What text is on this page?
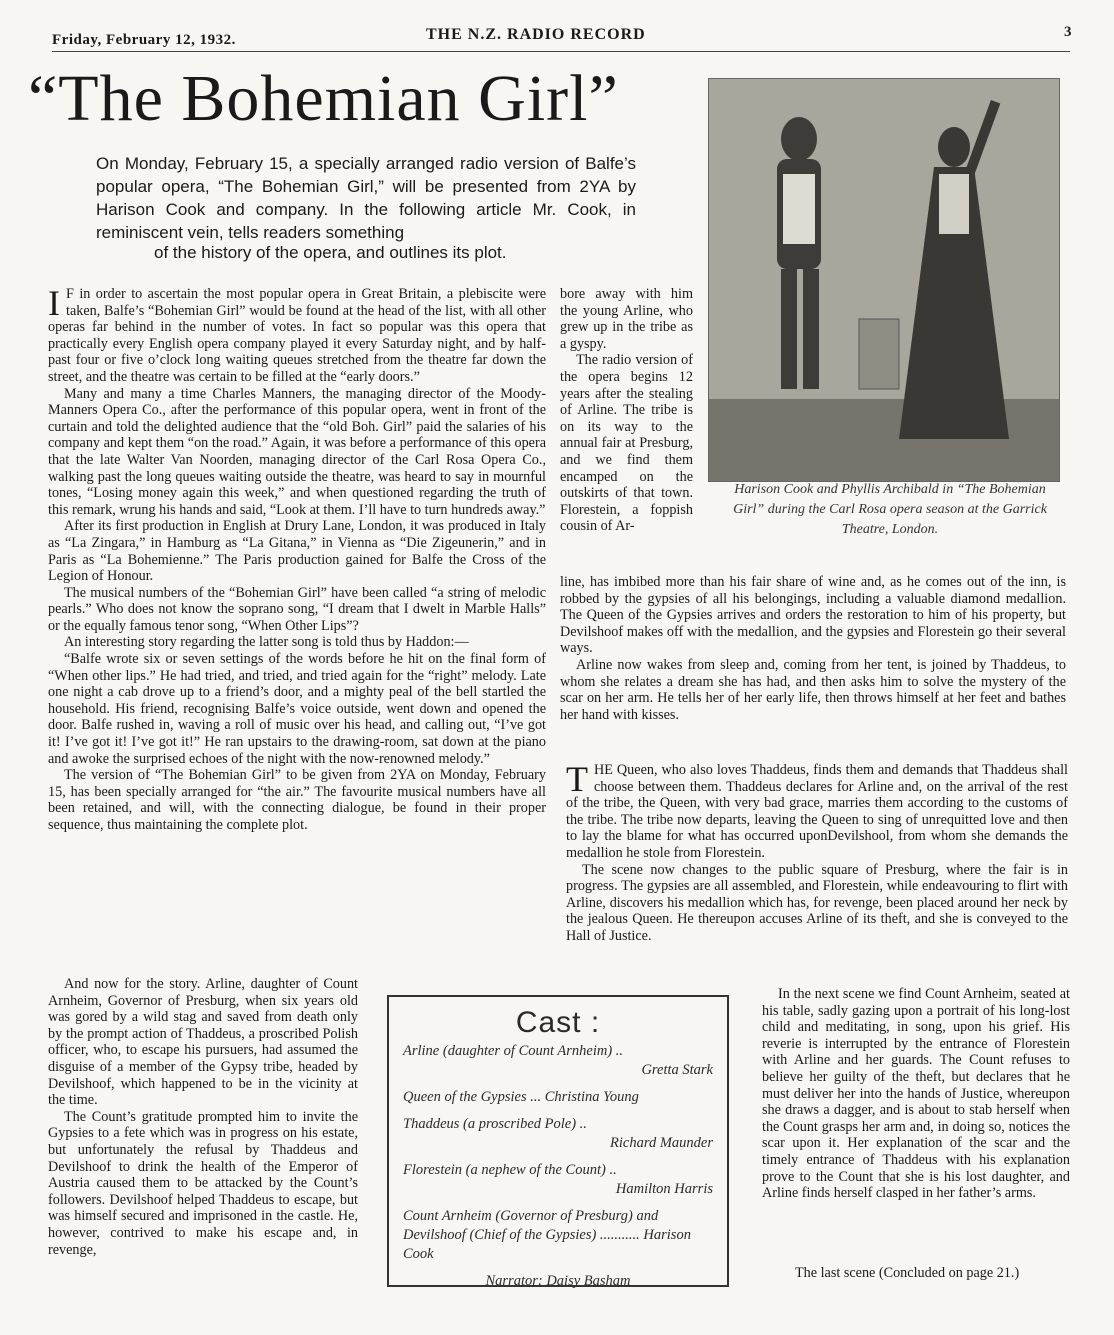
Friday, February 12, 1932.	THE N.Z. RADIO RECORD	3
“The Bohemian Girl”
On Monday, February 15, a specially arranged radio version of Balfe’s popular opera, “The Bohemian Girl,” will be presented from 2YA by Harison Cook and company. In the following article Mr. Cook, in reminiscent vein, tells readers something
of the history of the opera, and outlines its plot.
Harison Cook and Phyllis Archibald in “The Bohemian Girl” during the Carl Rosa opera season at the Garrick Theatre, London.

I F in order to ascertain the most popular opera in Great Britain, a plebiscite were taken, Balfe’s “Bohemian Girl” would be found at the head of the list, with all other operas far behind in the number of votes. In fact so popular was this opera that practically every English opera company played it every Saturday night, and by half-past four or five o’clock long waiting queues stretched from the theatre far down the street, and the theatre was certain to be filled at the “early doors.”

Many and many a time Charles Manners, the managing director of the Moody-Manners Opera Co., after the performance of this popular opera, went in front of the curtain and told the delighted audience that the “old Boh. Girl” paid the salaries of his company and kept them “on the road.” Again, it was before a performance of this opera that the late Walter Van Noorden, managing director of the Carl Rosa Opera Co., walking past the long queues waiting outside the theatre, was heard to say in mournful tones, “Losing money again this week,” and when questioned regarding the truth of this remark, wrung his hands and said, “Look at them. I’ll have to turn hundreds away.”

After its first production in English at Drury Lane, London, it was produced in Italy as “La Zingara,” in Hamburg as “La Gitana,” in Vienna as “Die Zigeunerin,” and in Paris as “La Bohemienne.” The Paris production gained for Balfe the Cross of the Legion of Honour.

The musical numbers of the “Bohemian Girl” have been called “a string of melodic pearls.” Who does not know the soprano song, “I dream that I dwelt in Marble Halls” or the equally famous tenor song, “When Other Lips”?

An interesting story regarding the latter song is told thus by Haddon:—

“Balfe wrote six or seven settings of the words before he hit on the final form of “When other lips.” He had tried, and tried, and tried again for the “right” melody. Late one night a cab drove up to a friend’s door, and a mighty peal of the bell startled the household. His friend, recognising Balfe’s voice outside, went down and opened the door. Balfe rushed in, waving a roll of music over his head, and calling out, “I’ve got it! I’ve got it! I’ve got it!” He ran upstairs to the drawing-room, sat down at the piano and awoke the surprised echoes of the night with the now-renowned melody.”

The version of “The Bohemian Girl” to be given from 2YA on Monday, February 15, has been specially arranged for “the air.” The favourite musical numbers have all been retained, and will, with the connecting dialogue, be found in their proper sequence, thus maintaining the complete plot.

bore away with him the young Arline, who grew up in the tribe as a gyspy.

The radio version of the opera begins 12 years after the stealing of Arline. The tribe is on its way to the annual fair at Presburg, and we find them encamped on the outskirts of that town. Florestein, a foppish cousin of Ar-

line, has imbibed more than his fair share of wine and, as he comes out of the inn, is robbed by the gypsies of all his belongings, including a valuable diamond medallion. The Queen of the Gypsies arrives and orders the restoration to him of his property, but Devilshoof makes off with the medallion, and the gypsies and Florestein go their several ways.

Arline now wakes from sleep and, coming from her tent, is joined by Thaddeus, to whom she relates a dream she has had, and then asks him to solve the mystery of the scar on her arm. He tells her of her early life, then throws himself at her feet and bathes her hand with kisses.

And now for the story. Arline, daughter of Count Arnheim, Governor of Presburg, when six years old was gored by a wild stag and saved from death only by the prompt action of Thaddeus, a proscribed Polish officer, who, to escape his pursuers, had assumed the disguise of a member of the Gypsy tribe, headed by Devilshoof, which happened to be in the vicinity at the time.

The Count’s gratitude prompted him to invite the Gypsies to a fete which was in progress on his estate, but unfortunately the refusal by Thaddeus and Devilshoof to drink the health of the Emperor of Austria caused them to be attacked by the Count’s followers. Devilshoof helped Thaddeus to escape, but was himself secured and imprisoned in the castle. He, however, contrived to make his escape and, in revenge,

THE Queen, who also loves Thaddeus, finds them and demands that Thaddeus shall choose between them. Thaddeus declares for Arline and, on the arrival of the rest of the tribe, the Queen, with very bad grace, marries them according to the customs of the tribe. The tribe now departs, leaving the Queen to sing of unrequitted love and then to lay the blame for what has occurred uponDevilshool, from whom she demands the medallion he stole from Florestein.

The scene now changes to the public square of Presburg, where the fair is in progress. The gypsies are all assembled, and Florestein, while endeavouring to flirt with Arline, discovers his medallion which has, for revenge, been placed around her neck by the jealous Queen. He thereupon accuses Arline of its theft, and she is conveyed to the Hall of Justice.

In the next scene we find Count Arnheim, seated at his table, sadly gazing upon a portrait of his long-lost child and meditating, in song, upon his grief. His reverie is interrupted by the entrance of Florestein with Arline and her guards. The Count refuses to believe her guilty of the theft, but declares that he must deliver her into the hands of Justice, whereupon she draws a dagger, and is about to stab herself when the Count grasps her arm and, in doing so, notices the scar upon it. Her explanation of the scar and the timely entrance of Thaddeus with his explanation prove to the Count that she is his lost daughter, and Arline finds herself clasped in her father’s arms.

The last scene (Concluded on page 21.)
Cast :
Arline (daughter of Count Arnheim) ..
Gretta Stark
Queen of the Gypsies ... Christina Young
Thaddeus (a proscribed Pole) ..
Richard Maunder
Florestein (a nephew of the Count) ..
Hamilton Harris
Count Arnheim (Governor of Presburg) and Devilshoof (Chief of the Gypsies) ........... Harison Cook
Narrator: Daisy Basham
